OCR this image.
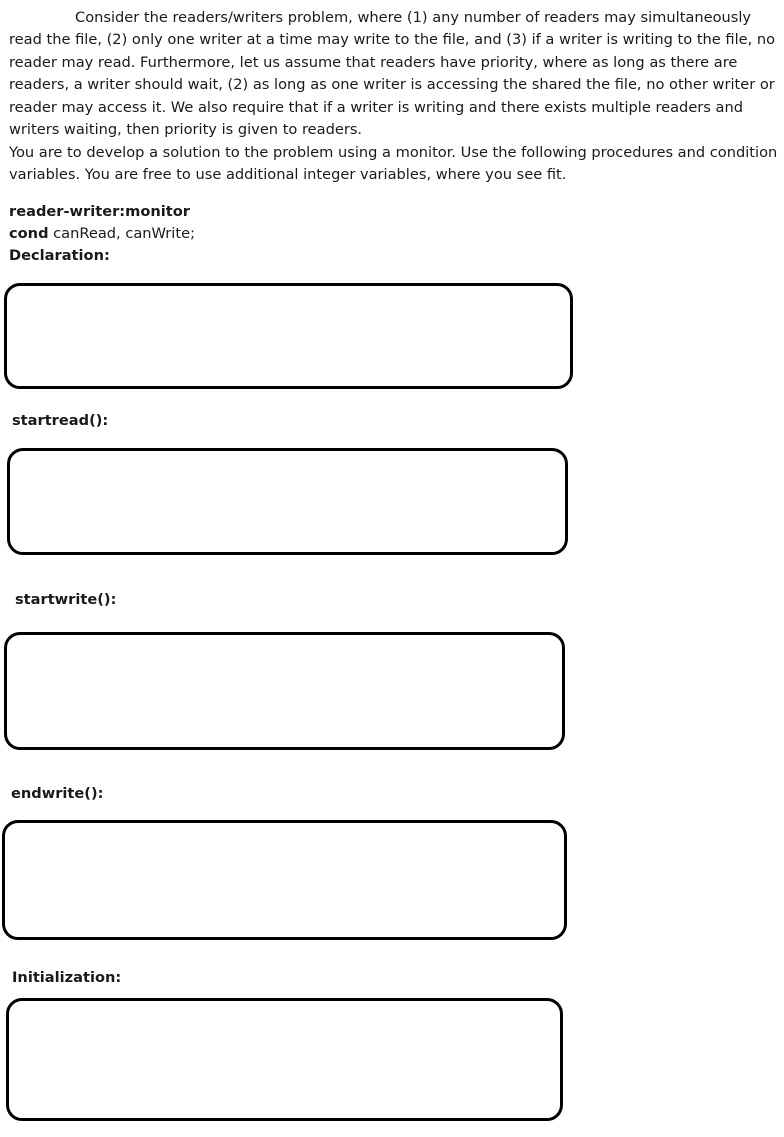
Consider the readers/writers problem, where (1) any number of readers may simultaneously read the file, (2) only one writer at a time may write to the file, and (3) if a writer is writing to the file, no reader may read. Furthermore, let us assume that readers have priority, where as long as there are readers, a writer should wait, (2) as long as one writer is accessing the shared the file, no other writer or reader may access it. We also require that if a writer is writing and there exists multiple readers and writers waiting, then priority is given to readers.

You are to develop a solution to the problem using a monitor. Use the following procedures and condition variables. You are free to use additional integer variables, where you see fit.

reader-writer:monitor

cond canRead, canWrite;

Declaration:

startread():

startwrite():

endwrite():

Initialization:
